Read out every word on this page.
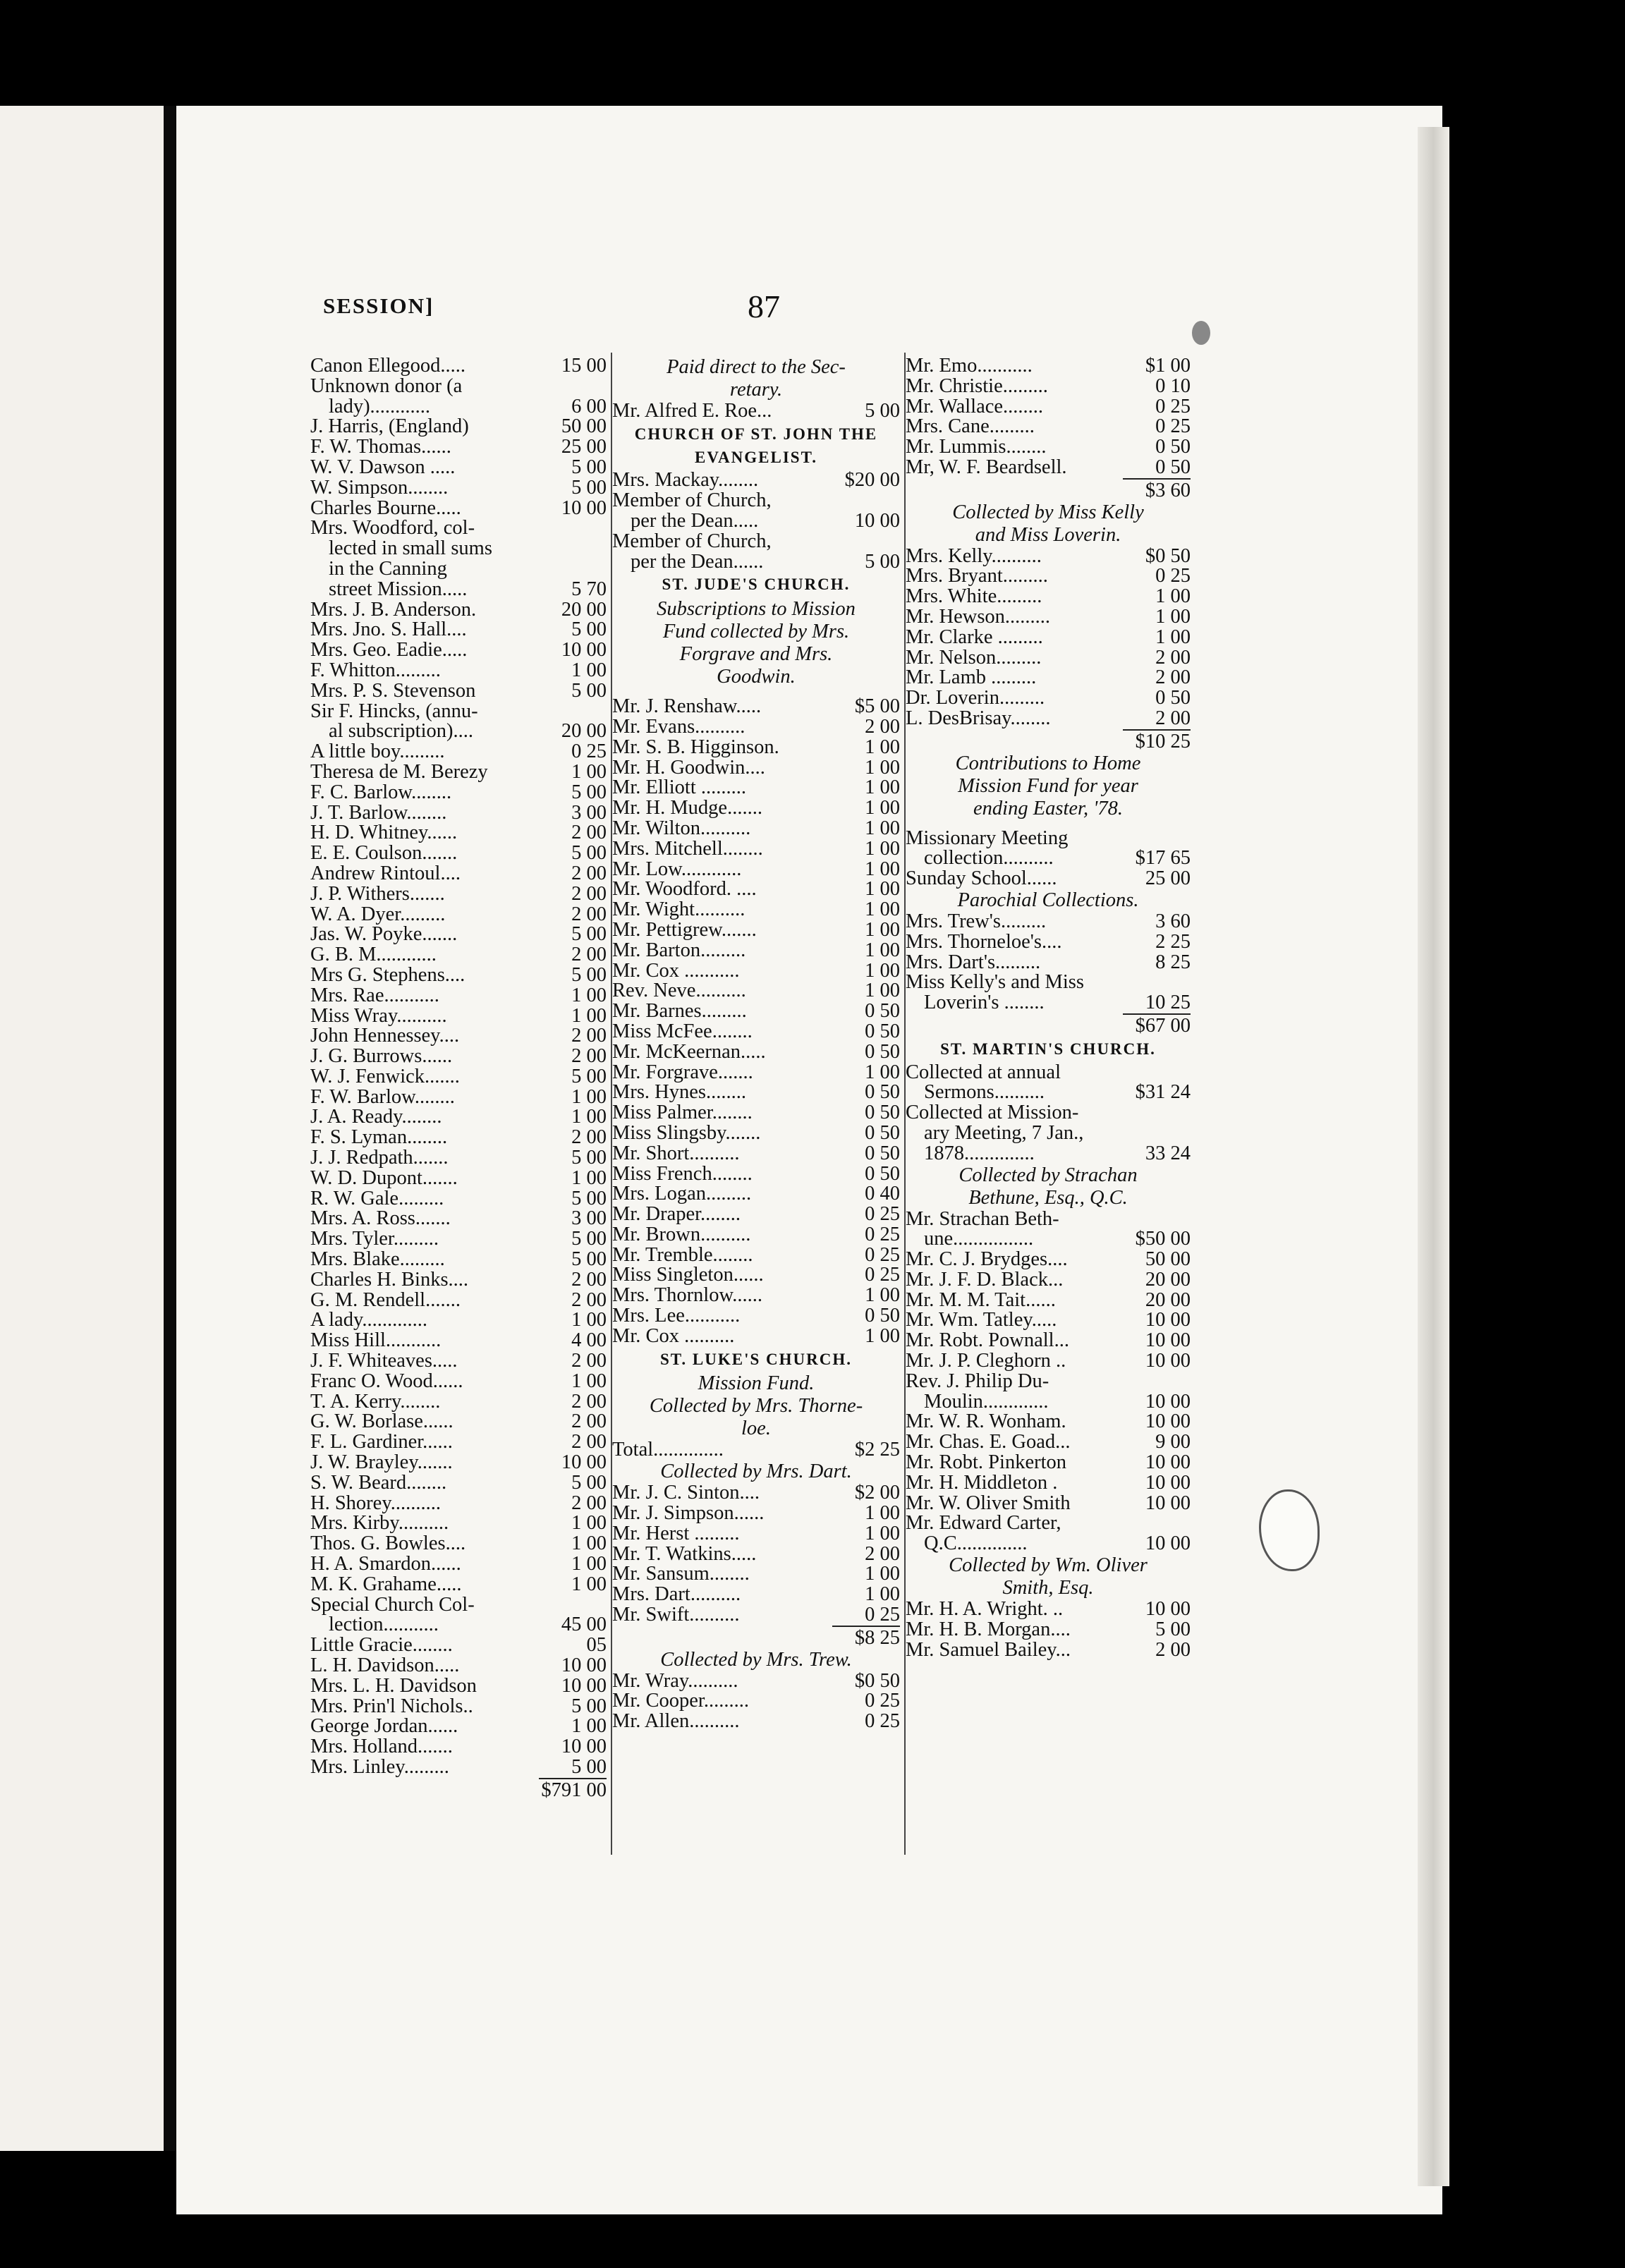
SESSION]	87
Canon Ellegood.....	15 00
Unknown donor (a
lady)............	6 00
J. Harris, (England)	50 00
F. W. Thomas......	25 00
W. V. Dawson .....	5 00
W. Simpson........	5 00
Charles Bourne.....	10 00
Mrs. Woodford, col-
lected in small sums
in the Canning
street Mission.....	5 70
Mrs. J. B. Anderson.	20 00
Mrs. Jno. S. Hall....	5 00
Mrs. Geo. Eadie.....	10 00
F. Whitton.........	1 00
Mrs. P. S. Stevenson	5 00
Sir F. Hincks, (annu-
al subscription)....	20 00
A little boy.........	0 25
Theresa de M. Berezy	1 00
F. C. Barlow........	5 00
J. T. Barlow........	3 00
H. D. Whitney......	2 00
E. E. Coulson.......	5 00
Andrew Rintoul....	2 00
J. P. Withers.......	2 00
W. A. Dyer.........	2 00
Jas. W. Poyke.......	5 00
G. B. M............	2 00
Mrs G. Stephens....	5 00
Mrs. Rae...........	1 00
Miss Wray..........	1 00
John Hennessey....	2 00
J. G. Burrows......	2 00
W. J. Fenwick.......	5 00
F. W. Barlow........	1 00
J. A. Ready........	1 00
F. S. Lyman........	2 00
J. J. Redpath.......	5 00
W. D. Dupont.......	1 00
R. W. Gale.........	5 00
Mrs. A. Ross.......	3 00
Mrs. Tyler.........	5 00
Mrs. Blake.........	5 00
Charles H. Binks....	2 00
G. M. Rendell.......	2 00
A lady.............	1 00
Miss Hill...........	4 00
J. F. Whiteaves.....	2 00
Franc O. Wood......	1 00
T. A. Kerry........	2 00
G. W. Borlase......	2 00
F. L. Gardiner......	2 00
J. W. Brayley.......	10 00
S. W. Beard........	5 00
H. Shorey..........	2 00
Mrs. Kirby..........	1 00
Thos. G. Bowles....	1 00
H. A. Smardon......	1 00
M. K. Grahame.....	1 00
Special Church Col-
lection...........	45 00
Little Gracie........	05
L. H. Davidson.....	10 00
Mrs. L. H. Davidson	10 00
Mrs. Prin'l Nichols..	5 00
George Jordan......	1 00
Mrs. Holland.......	10 00
Mrs. Linley.........	5 00
$791 00
Paid direct to the Sec-
retary.
Mr. Alfred E. Roe...	5 00
CHURCH OF ST. JOHN THE
EVANGELIST.
Mrs. Mackay........	$20 00
Member of Church,
per the Dean.....	10 00
Member of Church,
per the Dean......	5 00
ST. JUDE'S CHURCH.
Subscriptions to Mission
Fund collected by Mrs.
Forgrave and Mrs.
Goodwin.
Mr. J. Renshaw.....	$5 00
Mr. Evans..........	2 00
Mr. S. B. Higginson.	1 00
Mr. H. Goodwin....	1 00
Mr. Elliott .........	1 00
Mr. H. Mudge.......	1 00
Mr. Wilton..........	1 00
Mrs. Mitchell........	1 00
Mr. Low............	1 00
Mr. Woodford. ....	1 00
Mr. Wight..........	1 00
Mr. Pettigrew.......	1 00
Mr. Barton.........	1 00
Mr. Cox ...........	1 00
Rev. Neve..........	1 00
Mr. Barnes.........	0 50
Miss McFee........	0 50
Mr. McKeernan.....	0 50
Mr. Forgrave.......	1 00
Mrs. Hynes........	0 50
Miss Palmer........	0 50
Miss Slingsby.......	0 50
Mr. Short..........	0 50
Miss French........	0 50
Mrs. Logan.........	0 40
Mr. Draper........	0 25
Mr. Brown..........	0 25
Mr. Tremble........	0 25
Miss Singleton......	0 25
Mrs. Thornlow......	1 00
Mrs. Lee...........	0 50
Mr. Cox ..........	1 00
ST. LUKE'S CHURCH.
Mission Fund.
Collected by Mrs. Thorne-
loe.
Total..............	$2 25
Collected by Mrs. Dart.
Mr. J. C. Sinton....	$2 00
Mr. J. Simpson......	1 00
Mr. Herst .........	1 00
Mr. T. Watkins.....	2 00
Mr. Sansum........	1 00
Mrs. Dart..........	1 00
Mr. Swift..........	0 25
$8 25
Collected by Mrs. Trew.
Mr. Wray..........	$0 50
Mr. Cooper.........	0 25
Mr. Allen..........	0 25
Mr. Emo...........	$1 00
Mr. Christie.........	0 10
Mr. Wallace........	0 25
Mrs. Cane.........	0 25
Mr. Lummis........	0 50
Mr, W. F. Beardsell.	0 50
$3 60
Collected by Miss Kelly
and Miss Loverin.
Mrs. Kelly..........	$0 50
Mrs. Bryant.........	0 25
Mrs. White.........	1 00
Mr. Hewson.........	1 00
Mr. Clarke .........	1 00
Mr. Nelson.........	2 00
Mr. Lamb .........	2 00
Dr. Loverin.........	0 50
L. DesBrisay........	2 00
$10 25
Contributions to Home
Mission Fund for year
ending Easter, '78.
Missionary Meeting
collection..........	$17 65
Sunday School......	25 00
Parochial Collections.
Mrs. Trew's.........	3 60
Mrs. Thorneloe's....	2 25
Mrs. Dart's.........	8 25
Miss Kelly's and Miss
Loverin's ........	10 25
$67 00
ST. MARTIN'S CHURCH.
Collected at annual
Sermons..........	$31 24
Collected at Mission-
ary Meeting, 7 Jan.,
1878..............	33 24
Collected by Strachan
Bethune, Esq., Q.C.
Mr. Strachan Beth-
une................	$50 00
Mr. C. J. Brydges....	50 00
Mr. J. F. D. Black...	20 00
Mr. M. M. Tait......	20 00
Mr. Wm. Tatley.....	10 00
Mr. Robt. Pownall...	10 00
Mr. J. P. Cleghorn ..	10 00
Rev. J. Philip Du-
Moulin.............	10 00
Mr. W. R. Wonham.	10 00
Mr. Chas. E. Goad...	9 00
Mr. Robt. Pinkerton	10 00
Mr. H. Middleton .	10 00
Mr. W. Oliver Smith	10 00
Mr. Edward Carter,
Q.C..............	10 00
Collected by Wm. Oliver
Smith, Esq.
Mr. H. A. Wright. ..	10 00
Mr. H. B. Morgan....	5 00
Mr. Samuel Bailey...	2 00
